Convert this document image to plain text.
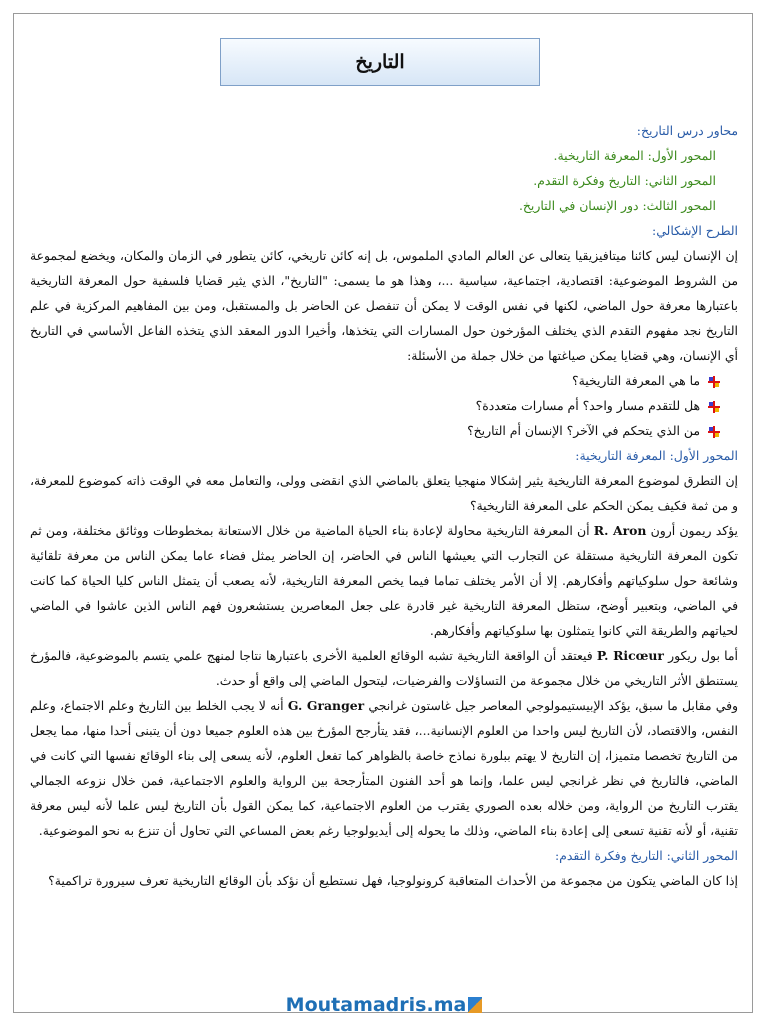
التاريخ

محاور درس التاريخ:

المحور الأول: المعرفة التاريخية.

المحور الثاني: التاريخ وفكرة التقدم.

المحور الثالث: دور الإنسان في التاريخ.

الطرح الإشكالي:

إن الإنسان ليس كائنا ميتافيزيقيا يتعالى عن العالم المادي الملموس، بل إنه كائن تاريخي، كائن يتطور في الزمان والمكان، ويخضع لمجموعة من الشروط الموضوعية: اقتصادية، اجتماعية، سياسية ...، وهذا هو ما يسمى: "التاريخ"، الذي يثير قضايا فلسفية حول المعرفة التاريخية باعتبارها معرفة حول الماضي، لكنها في نفس الوقت لا يمكن أن تنفصل عن الحاضر بل والمستقبل، ومن بين المفاهيم المركزية في علم التاريخ نجد مفهوم التقدم الذي يختلف المؤرخون حول المسارات التي يتخذها، وأخيرا الدور المعقد الذي يتخذه الفاعل الأساسي في التاريخ أي الإنسان، وهي قضايا يمكن صياغتها من خلال جملة من الأسئلة:

ما هي المعرفة التاريخية؟

هل للتقدم مسار واحد؟ أم مسارات متعددة؟

من الذي يتحكم في الآخر؟ الإنسان أم التاريخ؟

المحور الأول: المعرفة التاريخية:

إن التطرق لموضوع المعرفة التاريخية يثير إشكالا منهجيا يتعلق بالماضي الذي انقضى وولى، والتعامل معه في الوقت ذاته كموضوع للمعرفة، و من ثمة فكيف يمكن الحكم على المعرفة التاريخية؟

يؤكد ريمون أرون R. Aron أن المعرفة التاريخية محاولة لإعادة بناء الحياة الماضية من خلال الاستعانة بمخطوطات ووثائق مختلفة، ومن ثم تكون المعرفة التاريخية مستقلة عن التجارب التي يعيشها الناس في الحاضر، إن الحاضر يمثل فضاء عاما يمكن الناس من معرفة تلقائية وشائعة حول سلوكياتهم وأفكارهم. إلا أن الأمر يختلف تماما فيما يخص المعرفة التاريخية، لأنه يصعب أن يتمثل الناس كليا الحياة كما كانت في الماضي، وبتعبير أوضح، ستظل المعرفة التاريخية غير قادرة على جعل المعاصرين يستشعرون فهم الناس الذين عاشوا في الماضي لحياتهم والطريقة التي كانوا يتمثلون بها سلوكياتهم وأفكارهم.

أما بول ريكور P. Ricœur فيعتقد أن الواقعة التاريخية تشبه الوقائع العلمية الأخرى باعتبارها نتاجا لمنهج علمي يتسم بالموضوعية، فالمؤرخ يستنطق الأثر التاريخي من خلال مجموعة من التساؤلات والفرضيات، ليتحول الماضي إلى واقع أو حدث.

وفي مقابل ما سبق، يؤكد الإبيستيمولوجي المعاصر جيل غاستون غرانجي G. Granger أنه لا يجب الخلط بين التاريخ وعلم الاجتماع، وعلم النفس، والاقتصاد، لأن التاريخ ليس واحدا من العلوم الإنسانية...، فقد يتأرجح المؤرخ بين هذه العلوم جميعا دون أن يتبنى أحدا منها، مما يجعل من التاريخ تخصصا متميزا، إن التاريخ لا يهتم ببلورة نماذج خاصة بالظواهر كما تفعل العلوم، لأنه يسعى إلى بناء الوقائع نفسها التي كانت في الماضي، فالتاريخ في نظر غرانجي ليس علما، وإنما هو أحد الفنون المتأرجحة بين الرواية والعلوم الاجتماعية، فمن خلال نزوعه الجمالي يقترب التاريخ من الرواية، ومن خلاله بعده الصوري يقترب من العلوم الاجتماعية، كما يمكن القول بأن التاريخ ليس علما لأنه ليس معرفة تقنية، أو لأنه تقنية تسعى إلى إعادة بناء الماضي، وذلك ما يحوله إلى أيديولوجيا رغم بعض المساعي التي تحاول أن تنزع به نحو الموضوعية.

المحور الثاني: التاريخ وفكرة التقدم:

إذا كان الماضي يتكون من مجموعة من الأحداث المتعاقبة كرونولوجيا، فهل نستطيع أن نؤكد بأن الوقائع التاريخية تعرف سيرورة تراكمية؟

Moutamadris.ma
